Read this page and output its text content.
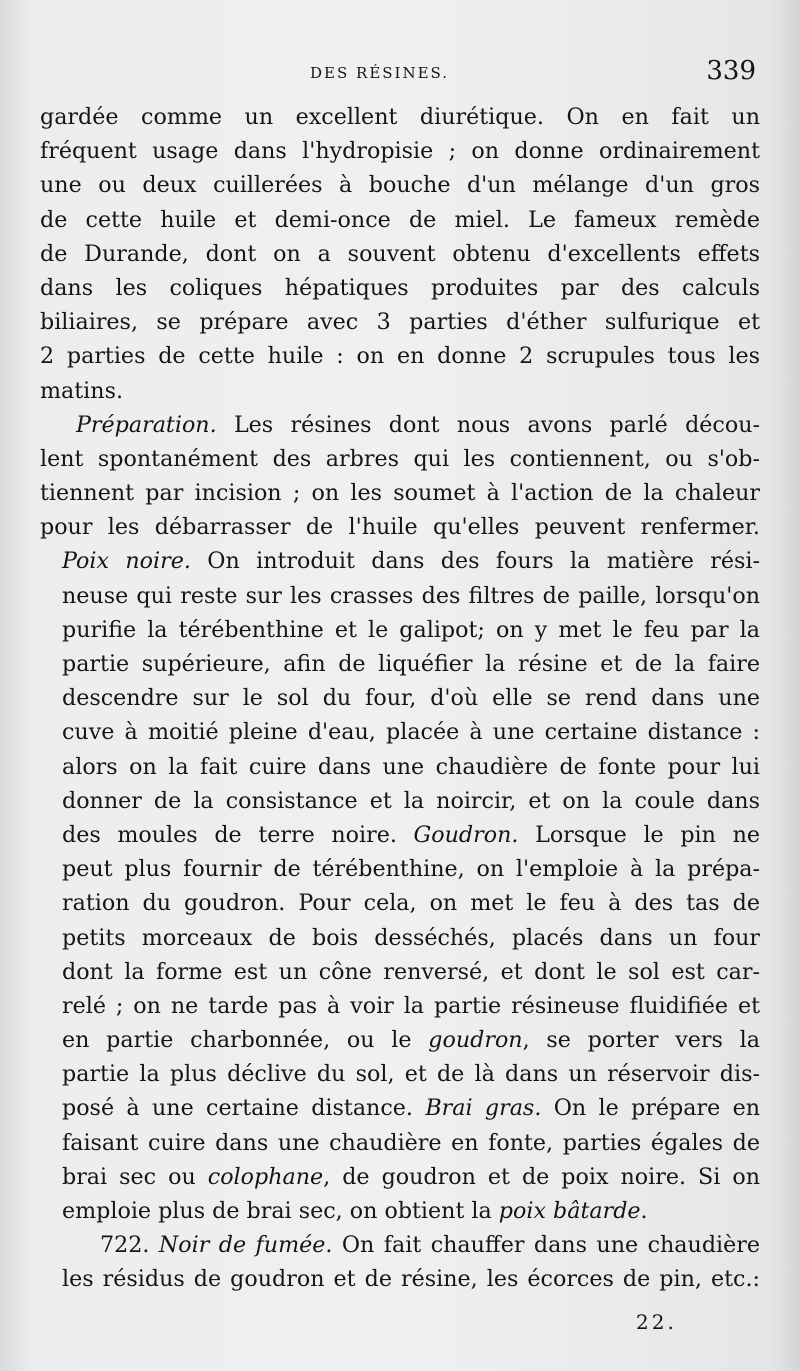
DES RÉSINES.	339
gardée comme un excellent diurétique. On en fait un
fréquent usage dans l'hydropisie ; on donne ordinairement
une ou deux cuillerées à bouche d'un mélange d'un gros
de cette huile et demi-once de miel. Le fameux remède
de Durande, dont on a souvent obtenu d'excellents effets
dans les coliques hépatiques produites par des calculs
biliaires, se prépare avec 3 parties d'éther sulfurique et
2 parties de cette huile : on en donne 2 scrupules tous les
matins.
Préparation. Les résines dont nous avons parlé décou-
lent spontanément des arbres qui les contiennent, ou s'ob-
tiennent par incision ; on les soumet à l'action de la chaleur
pour les débarrasser de l'huile qu'elles peuvent renfermer.
Poix noire. On introduit dans des fours la matière rési-
neuse qui reste sur les crasses des filtres de paille, lorsqu'on
purifie la térébenthine et le galipot; on y met le feu par la
partie supérieure, afin de liquéfier la résine et de la faire
descendre sur le sol du four, d'où elle se rend dans une
cuve à moitié pleine d'eau, placée à une certaine distance :
alors on la fait cuire dans une chaudière de fonte pour lui
donner de la consistance et la noircir, et on la coule dans
des moules de terre noire. Goudron. Lorsque le pin ne
peut plus fournir de térébenthine, on l'emploie à la prépa-
ration du goudron. Pour cela, on met le feu à des tas de
petits morceaux de bois desséchés, placés dans un four
dont la forme est un cône renversé, et dont le sol est car-
relé ; on ne tarde pas à voir la partie résineuse fluidifiée et
en partie charbonnée, ou le goudron, se porter vers la
partie la plus déclive du sol, et de là dans un réservoir dis-
posé à une certaine distance. Brai gras. On le prépare en
faisant cuire dans une chaudière en fonte, parties égales de
brai sec ou colophane, de goudron et de poix noire. Si on
emploie plus de brai sec, on obtient la poix bâtarde.
722. Noir de fumée. On fait chauffer dans une chaudière
les résidus de goudron et de résine, les écorces de pin, etc.:
22.
